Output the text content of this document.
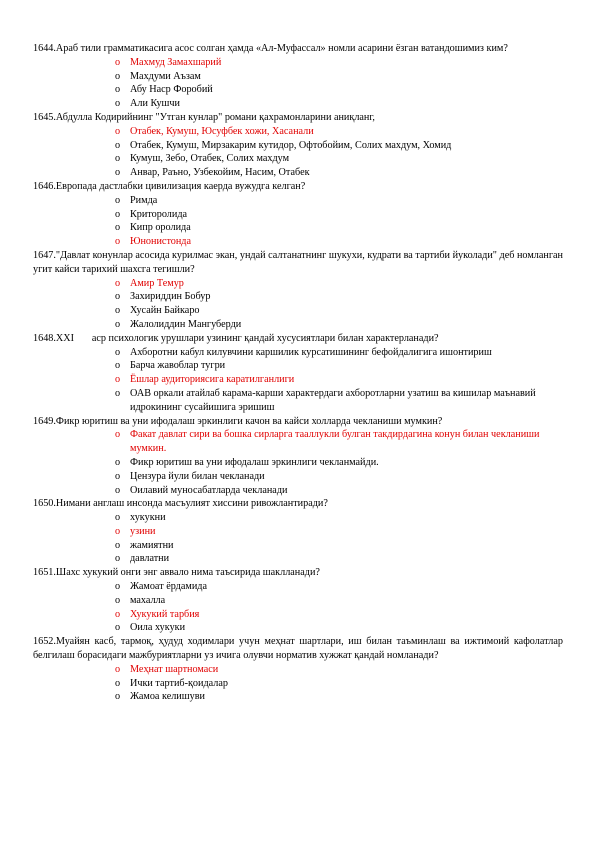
1644.Араб тили грамматикасига асос солган ҳамда «Ал-Муфассал» номли асарини ёзган ватандошимиз ким?

o Махмуд Замахшарий
o Махдуми Аъзам
o Абу Наср Форобий
o Али Кушчи

1645.Абдулла Кодирийнинг "Утган кунлар" романи қахрамонларини аниқланг,

o Отабек, Кумуш, Юсуфбек хожи, Хасанали
o Отабек, Кумуш, Мирзакарим кутидор, Офтобойим, Солих махдум, Хомид
o Кумуш, Зебо, Отабек, Солих махдум
o Анвар, Раъно, Узбекойим, Насим, Отабек

1646.Европада дастлабки цивилизация каерда вужудга келган?

o Римда
o Криторолида
o Кипр оролида
o Юнонистонда

1647."Давлат конунлар асосида курилмас экан, ундай салтанатнинг шукухи, кудрати ва тартиби йуколади" деб номланган угит кайси тарихий шахсга тегишли?

o Амир Темур
o Захириддин Бобур
o Хусайн Байкаро
o Жалолиддин Мангуберди

1648.XXI       аср психологик урушлари узининг қандай хусусиятлари билан характерланади?

o Ахборотни кабул килувчини каршилик курсатишининг бефойдалигига ишонтириш
o Барча жавоблар тугри
o Ёшлар аудиториясига каратилганлиги
o ОАВ оркали атайлаб карама-карши характердаги ахборотларни узатиш ва кишилар маънавий идрокининг сусайишига эришиш

1649.Фикр юритиш ва уни ифодалаш эркинлиги качон ва кайси холларда чекланиши мумкин?

o Факат давлат сири ва бошка сирларга тааллукли булган такдирдагина конун билан чекланиши мумкин.
o Фикр юритиш ва уни ифодалаш эркинлиги чекланмайди.
o Цензура йули билан чекланади
o Оилавий муносабатларда чекланади

1650.Нимани англаш инсонда масъулият хиссини ривожлантиради?

o хукукни
o узини
o жамиятни
o давлатни

1651.Шахс хукукий онги энг аввало нима таъсирида шаклланади?

o Жамоат ёрдамида
o махалла
o Хукукий тарбия
o Оила хукуки

1652.Муайян касб, тармоқ, ҳудуд ходимлари учун меҳнат шартлари, иш билан таъминлаш ва ижтимоий кафолатлар белгилаш борасидаги мажбуриятларни уз ичига олувчи норматив хужжат қандай номланади?

o Меҳнат шартномаси
o Ички тартиб-қоидалар
o Жамоа келишуви
